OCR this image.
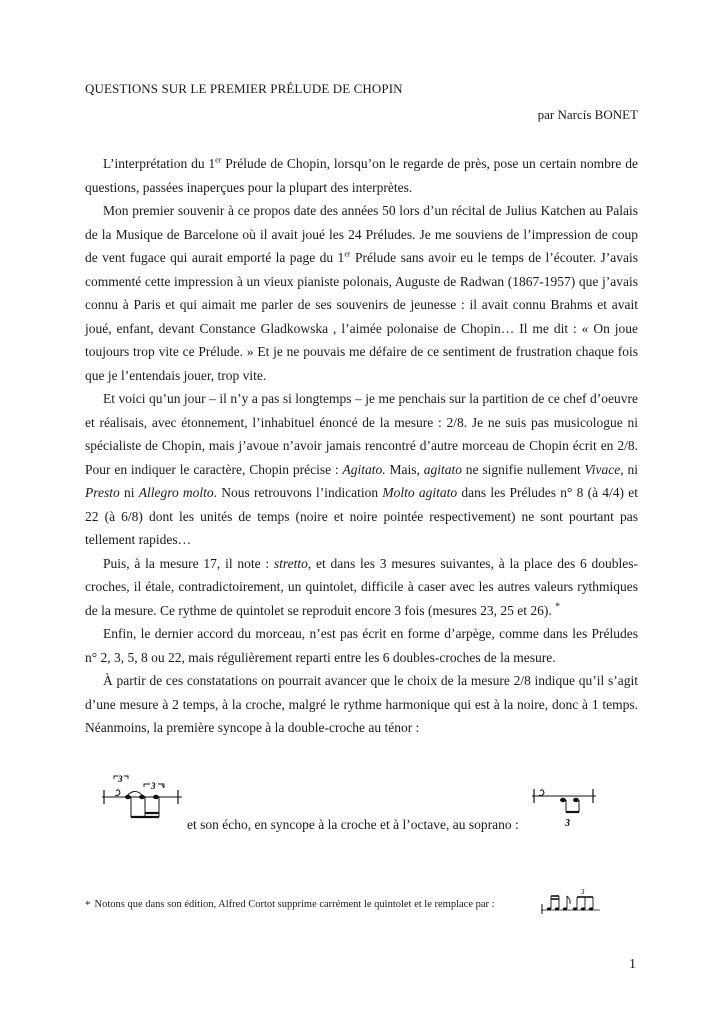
QUESTIONS SUR LE PREMIER PRÉLUDE DE CHOPIN
par Narcís BONET

L’interprétation du 1er Prélude de Chopin, lorsqu’on le regarde de près, pose un certain nombre de questions, passées inaperçues pour la plupart des interprètes.

Mon premier souvenir à ce propos date des années 50 lors d’un récital de Julius Katchen au Palais de la Musique de Barcelone où il avait joué les 24 Préludes. Je me souviens de l’impression de coup de vent fugace qui aurait emporté la page du 1er Prélude sans avoir eu le temps de l’écouter. J’avais commenté cette impression à un vieux pianiste polonais, Auguste de Radwan (1867-1957) que j’avais connu à Paris et qui aimait me parler de ses souvenirs de jeunesse : il avait connu Brahms et avait joué, enfant, devant Constance Gladkowska , l’aimée polonaise de Chopin… Il me dit : « On joue toujours trop vite ce Prélude. » Et je ne pouvais me défaire de ce sentiment de frustration chaque fois que je l’entendais jouer, trop vite.

Et voici qu’un jour – il n’y a pas si longtemps – je me penchais sur la partition de ce chef d’oeuvre et réalisais, avec étonnement, l’inhabituel énoncé de la mesure : 2/8. Je ne suis pas musicologue ni spécialiste de Chopin, mais j’avoue n’avoir jamais rencontré d’autre morceau de Chopin écrit en 2/8. Pour en indiquer le caractère, Chopin précise : Agitato. Mais, agitato ne signifie nullement Vivace, ni Presto ni Allegro molto. Nous retrouvons l’indication Molto agitato dans les Préludes n° 8 (à 4/4) et 22 (à 6/8) dont les unités de temps (noire et noire pointée respectivement) ne sont pourtant pas tellement rapides…

Puis, à la mesure 17, il note : stretto, et dans les 3 mesures suivantes, à la place des 6 doubles-croches, il étale, contradictoirement, un quintolet, difficile à caser avec les autres valeurs rythmiques de la mesure. Ce rythme de quintolet se reproduit encore 3 fois (mesures 23, 25 et 26). *

Enfin, le dernier accord du morceau, n’est pas écrit en forme d’arpège, comme dans les Préludes n° 2, 3, 5, 8 ou 22, mais régulièrement reparti entre les 6 doubles-croches de la mesure.

À partir de ces constatations on pourrait avancer que le choix de la mesure 2/8 indique qu’il s’agit d’une mesure à 2 temps, à la croche, malgré le rythme harmonique qui est à la noire, donc à 1 temps. Néanmoins, la première syncope à la double-croche au ténor :

3
3
et son écho, en syncope à la croche et à l’octave, au soprano :	3
* Notons que dans son édition, Alfred Cortot supprime carrément le quintolet et le remplace par :
3
1
